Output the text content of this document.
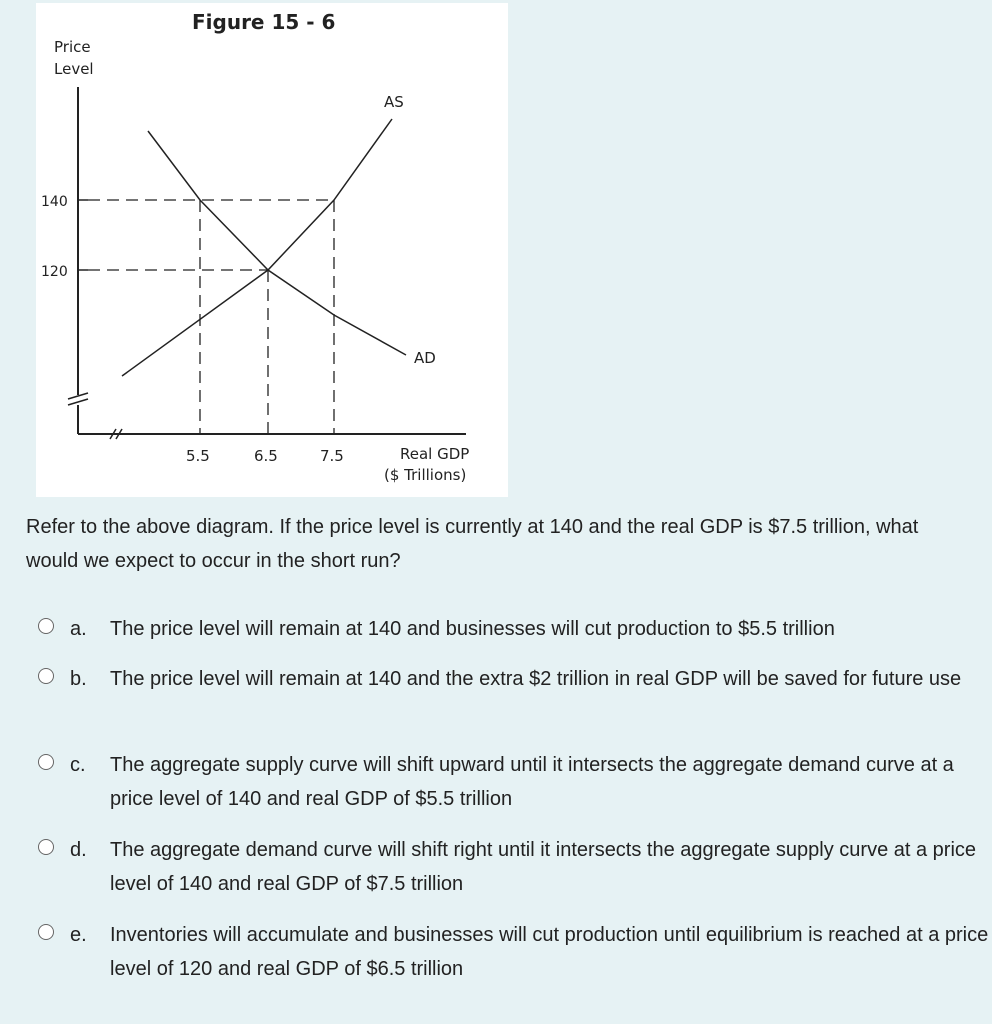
Figure 15 - 6
Price
Level
140
120
AS
AD
5.5	6.5	7.5	Real GDP
($ Trillions)
Refer to the above diagram. If the price level is currently at 140 and the real GDP is $7.5 trillion, what would we expect to occur in the short run?
a. The price level will remain at 140 and businesses will cut production to $5.5 trillion
b. The price level will remain at 140 and the extra $2 trillion in real GDP will be saved for future use
c. The aggregate supply curve will shift upward until it intersects the aggregate demand curve at a price level of 140 and real GDP of $5.5 trillion
d. The aggregate demand curve will shift right until it intersects the aggregate supply curve at a price level of 140 and real GDP of $7.5 trillion
e. Inventories will accumulate and businesses will cut production until equilibrium is reached at a price level of 120 and real GDP of $6.5 trillion
